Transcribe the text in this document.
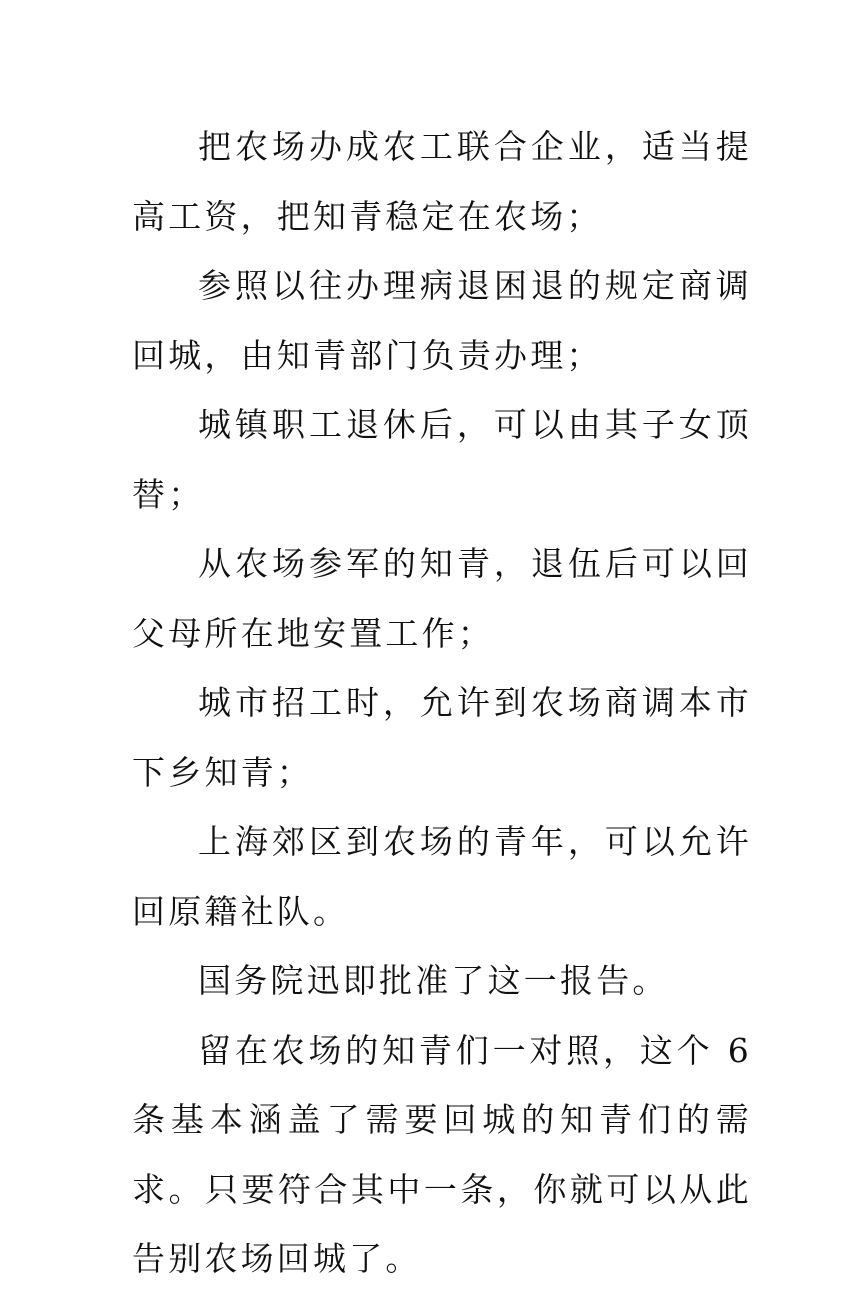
把农场办成农工联合企业，适当提高工资，把知青稳定在农场；

参照以往办理病退困退的规定商调回城，由知青部门负责办理；

城镇职工退休后，可以由其子女顶替；

从农场参军的知青，退伍后可以回父母所在地安置工作；

城市招工时，允许到农场商调本市下乡知青；

上海郊区到农场的青年，可以允许回原籍社队。

国务院迅即批准了这一报告。

留在农场的知青们一对照，这个 6 条基本涵盖了需要回城的知青们的需求。只要符合其中一条，你就可以从此告别农场回城了。
